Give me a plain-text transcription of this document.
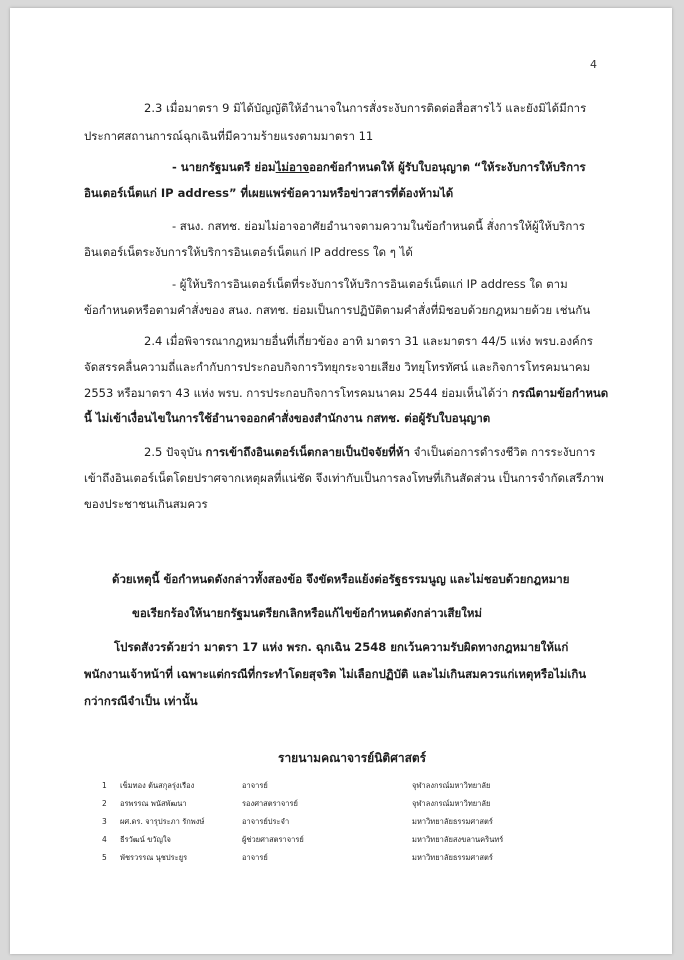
4
2.3 เมื่อมาตรา 9 มิได้บัญญัติให้อำนาจในการสั่งระงับการติดต่อสื่อสารไว้ และยังมิได้มีการ
ประกาศสถานการณ์ฉุกเฉินที่มีความร้ายแรงตามมาตรา 11
- นายกรัฐมนตรี ย่อมไม่อาจออกข้อกำหนดให้ ผู้รับใบอนุญาต “ให้ระงับการให้บริการ
อินเตอร์เน็ตแก่ IP address” ที่เผยแพร่ข้อความหรือข่าวสารที่ต้องห้ามได้
- สนง. กสทช. ย่อมไม่อาจอาศัยอำนาจตามความในข้อกำหนดนี้ สั่งการให้ผู้ให้บริการ
อินเตอร์เน็ตระงับการให้บริการอินเตอร์เน็ตแก่ IP address ใด ๆ ได้
- ผู้ให้บริการอินเตอร์เน็ตที่ระงับการให้บริการอินเตอร์เน็ตแก่ IP address ใด ตาม
ข้อกำหนดหรือตามคำสั่งของ สนง. กสทช. ย่อมเป็นการปฏิบัติตามคำสั่งที่มิชอบด้วยกฎหมายด้วย เช่นกัน
2.4 เมื่อพิจารณากฎหมายอื่นที่เกี่ยวข้อง อาทิ มาตรา 31 และมาตรา 44/5 แห่ง พรบ.องค์กร
จัดสรรคลื่นความถี่และกำกับการประกอบกิจการวิทยุกระจายเสียง วิทยุโทรทัศน์ และกิจการโทรคมนาคม
2553 หรือมาตรา 43 แห่ง พรบ. การประกอบกิจการโทรคมนาคม 2544 ย่อมเห็นได้ว่า กรณีตามข้อกำหนด
นี้ ไม่เข้าเงื่อนไขในการใช้อำนาจออกคำสั่งของสำนักงาน กสทช. ต่อผู้รับใบอนุญาต
2.5 ปัจจุบัน การเข้าถึงอินเตอร์เน็ตกลายเป็นปัจจัยที่ห้า จำเป็นต่อการดำรงชีวิต การระงับการ
เข้าถึงอินเตอร์เน็ตโดยปราศจากเหตุผลที่แน่ชัด จึงเท่ากับเป็นการลงโทษที่เกินสัดส่วน เป็นการจำกัดเสรีภาพ
ของประชาชนเกินสมควร
ด้วยเหตุนี้ ข้อกำหนดดังกล่าวทั้งสองข้อ จึงขัดหรือแย้งต่อรัฐธรรมนูญ และไม่ชอบด้วยกฎหมาย
ขอเรียกร้องให้นายกรัฐมนตรียกเลิกหรือแก้ไขข้อกำหนดดังกล่าวเสียใหม่
โปรดสังวรด้วยว่า มาตรา 17 แห่ง พรก. ฉุกเฉิน 2548 ยกเว้นความรับผิดทางกฎหมายให้แก่
พนักงานเจ้าหน้าที่ เฉพาะแต่กรณีที่กระทำโดยสุจริต ไม่เลือกปฏิบัติ และไม่เกินสมควรแก่เหตุหรือไม่เกิน
กว่ากรณีจำเป็น เท่านั้น
รายนามคณาจารย์นิติศาสตร์
1 เข็มทอง ต้นสกุลรุ่งเรือง	อาจารย์	จุฬาลงกรณ์มหาวิทยาลัย
2 อรพรรณ พนัสพัฒนา	รองศาสตราจารย์	จุฬาลงกรณ์มหาวิทยาลัย
3 ผศ.ดร. จารุประภา รักพงษ์	อาจารย์ประจำ	มหาวิทยาลัยธรรมศาสตร์
4 ธีรวัฒน์ ขวัญใจ	ผู้ช่วยศาสตราจารย์	มหาวิทยาลัยสงขลานครินทร์
5 พัชรวรรณ นุชประยูร	อาจารย์	มหาวิทยาลัยธรรมศาสตร์
